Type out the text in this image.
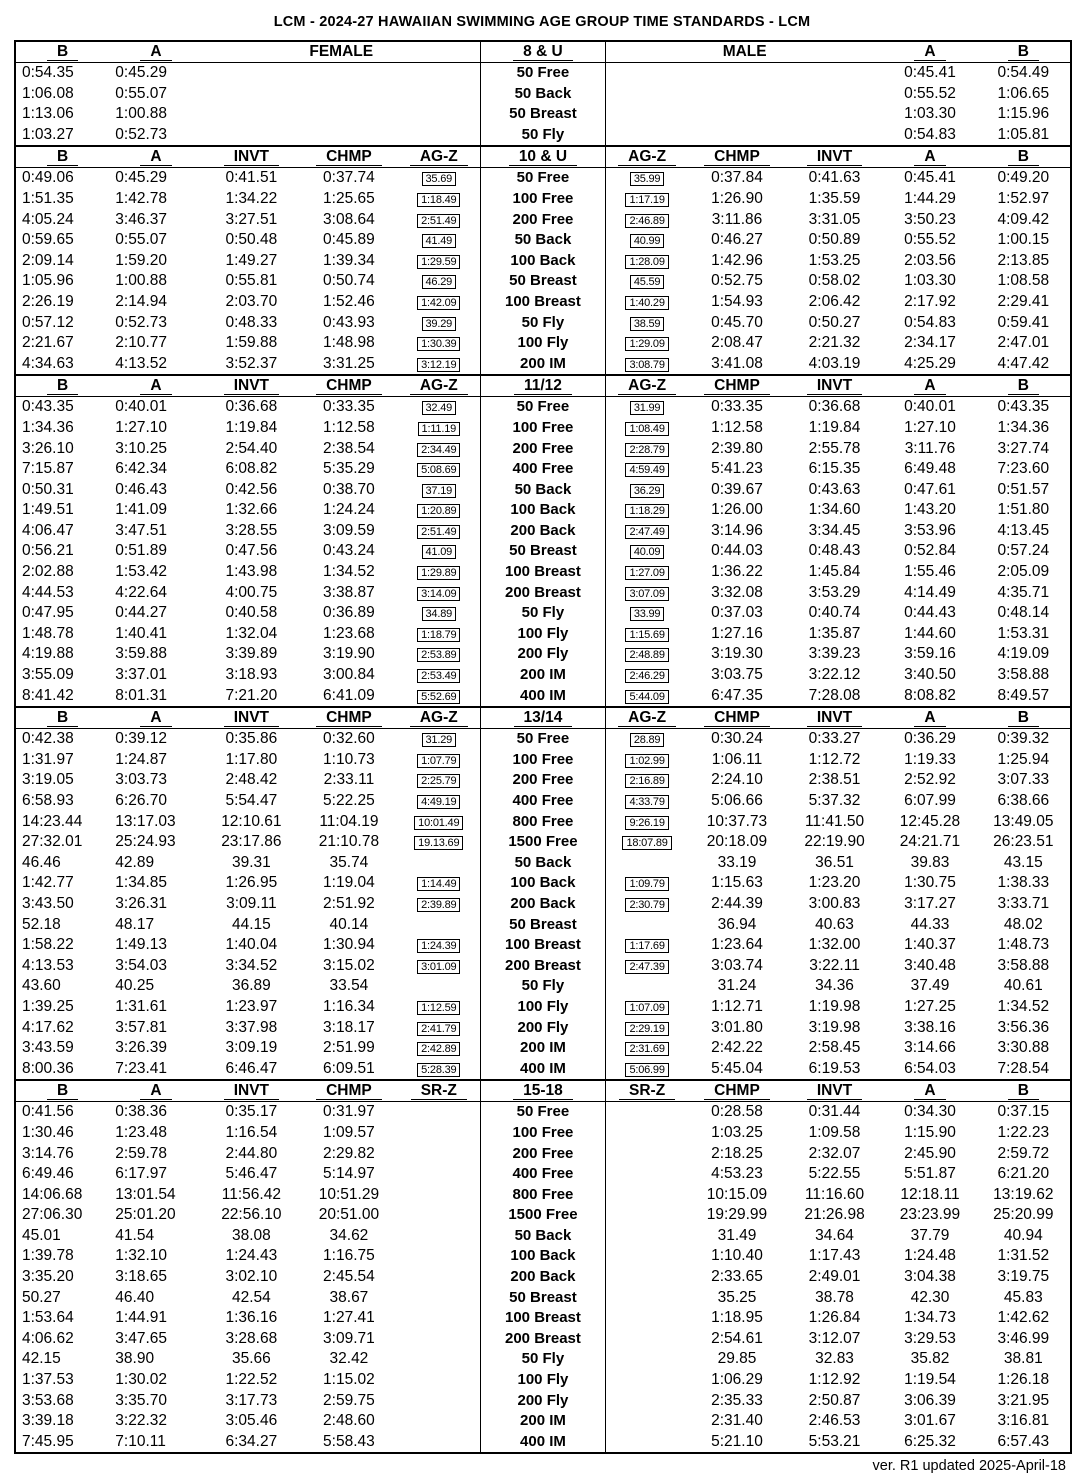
LCM - 2024-27 HAWAIIAN SWIMMING AGE GROUP TIME STANDARDS - LCM
B	A	FEMALE			8 & U	MALE			A	B
0:54.35	0:45.29				50 Free				0:45.41	0:54.49
1:06.08	0:55.07				50 Back				0:55.52	1:06.65
1:13.06	1:00.88				50 Breast				1:03.30	1:15.96
1:03.27	0:52.73				50 Fly				0:54.83	1:05.81
B	A	INVT	CHMP	AG-Z	10 & U	AG-Z	CHMP	INVT	A	B
0:49.06	0:45.29	0:41.51	0:37.74	35.69	50 Free	35.99	0:37.84	0:41.63	0:45.41	0:49.20
1:51.35	1:42.78	1:34.22	1:25.65	1:18.49	100 Free	1:17.19	1:26.90	1:35.59	1:44.29	1:52.97
4:05.24	3:46.37	3:27.51	3:08.64	2:51.49	200 Free	2:46.89	3:11.86	3:31.05	3:50.23	4:09.42
0:59.65	0:55.07	0:50.48	0:45.89	41.49	50 Back	40.99	0:46.27	0:50.89	0:55.52	1:00.15
2:09.14	1:59.20	1:49.27	1:39.34	1:29.59	100 Back	1:28.09	1:42.96	1:53.25	2:03.56	2:13.85
1:05.96	1:00.88	0:55.81	0:50.74	46.29	50 Breast	45.59	0:52.75	0:58.02	1:03.30	1:08.58
2:26.19	2:14.94	2:03.70	1:52.46	1:42.09	100 Breast	1:40.29	1:54.93	2:06.42	2:17.92	2:29.41
0:57.12	0:52.73	0:48.33	0:43.93	39.29	50 Fly	38.59	0:45.70	0:50.27	0:54.83	0:59.41
2:21.67	2:10.77	1:59.88	1:48.98	1:30.39	100 Fly	1:29.09	2:08.47	2:21.32	2:34.17	2:47.01
4:34.63	4:13.52	3:52.37	3:31.25	3:12.19	200 IM	3:08.79	3:41.08	4:03.19	4:25.29	4:47.42
B	A	INVT	CHMP	AG-Z	11/12	AG-Z	CHMP	INVT	A	B
0:43.35	0:40.01	0:36.68	0:33.35	32.49	50 Free	31.99	0:33.35	0:36.68	0:40.01	0:43.35
1:34.36	1:27.10	1:19.84	1:12.58	1:11.19	100 Free	1:08.49	1:12.58	1:19.84	1:27.10	1:34.36
3:26.10	3:10.25	2:54.40	2:38.54	2:34.49	200 Free	2:28.79	2:39.80	2:55.78	3:11.76	3:27.74
7:15.87	6:42.34	6:08.82	5:35.29	5:08.69	400 Free	4:59.49	5:41.23	6:15.35	6:49.48	7:23.60
0:50.31	0:46.43	0:42.56	0:38.70	37.19	50 Back	36.29	0:39.67	0:43.63	0:47.61	0:51.57
1:49.51	1:41.09	1:32.66	1:24.24	1:20.89	100 Back	1:18.29	1:26.00	1:34.60	1:43.20	1:51.80
4:06.47	3:47.51	3:28.55	3:09.59	2:51.49	200 Back	2:47.49	3:14.96	3:34.45	3:53.96	4:13.45
0:56.21	0:51.89	0:47.56	0:43.24	41.09	50 Breast	40.09	0:44.03	0:48.43	0:52.84	0:57.24
2:02.88	1:53.42	1:43.98	1:34.52	1:29.89	100 Breast	1:27.09	1:36.22	1:45.84	1:55.46	2:05.09
4:44.53	4:22.64	4:00.75	3:38.87	3:14.09	200 Breast	3:07.09	3:32.08	3:53.29	4:14.49	4:35.71
0:47.95	0:44.27	0:40.58	0:36.89	34.89	50 Fly	33.99	0:37.03	0:40.74	0:44.43	0:48.14
1:48.78	1:40.41	1:32.04	1:23.68	1:18.79	100 Fly	1:15.69	1:27.16	1:35.87	1:44.60	1:53.31
4:19.88	3:59.88	3:39.89	3:19.90	2:53.89	200 Fly	2:48.89	3:19.30	3:39.23	3:59.16	4:19.09
3:55.09	3:37.01	3:18.93	3:00.84	2:53.49	200 IM	2:46.29	3:03.75	3:22.12	3:40.50	3:58.88
8:41.42	8:01.31	7:21.20	6:41.09	5:52.69	400 IM	5:44.09	6:47.35	7:28.08	8:08.82	8:49.57
B	A	INVT	CHMP	AG-Z	13/14	AG-Z	CHMP	INVT	A	B
0:42.38	0:39.12	0:35.86	0:32.60	31.29	50 Free	28.89	0:30.24	0:33.27	0:36.29	0:39.32
1:31.97	1:24.87	1:17.80	1:10.73	1:07.79	100 Free	1:02.99	1:06.11	1:12.72	1:19.33	1:25.94
3:19.05	3:03.73	2:48.42	2:33.11	2:25.79	200 Free	2:16.89	2:24.10	2:38.51	2:52.92	3:07.33
6:58.93	6:26.70	5:54.47	5:22.25	4:49.19	400 Free	4:33.79	5:06.66	5:37.32	6:07.99	6:38.66
14:23.44	13:17.03	12:10.61	11:04.19	10:01.49	800 Free	9:26.19	10:37.73	11:41.50	12:45.28	13:49.05
27:32.01	25:24.93	23:17.86	21:10.78	19.13.69	1500 Free	18:07.89	20:18.09	22:19.90	24:21.71	26:23.51
46.46	42.89	39.31	35.74		50 Back		33.19	36.51	39.83	43.15
1:42.77	1:34.85	1:26.95	1:19.04	1:14.49	100 Back	1:09.79	1:15.63	1:23.20	1:30.75	1:38.33
3:43.50	3:26.31	3:09.11	2:51.92	2:39.89	200 Back	2:30.79	2:44.39	3:00.83	3:17.27	3:33.71
52.18	48.17	44.15	40.14		50 Breast		36.94	40.63	44.33	48.02
1:58.22	1:49.13	1:40.04	1:30.94	1:24.39	100 Breast	1:17.69	1:23.64	1:32.00	1:40.37	1:48.73
4:13.53	3:54.03	3:34.52	3:15.02	3:01.09	200 Breast	2:47.39	3:03.74	3:22.11	3:40.48	3:58.88
43.60	40.25	36.89	33.54		50 Fly		31.24	34.36	37.49	40.61
1:39.25	1:31.61	1:23.97	1:16.34	1:12.59	100 Fly	1:07.09	1:12.71	1:19.98	1:27.25	1:34.52
4:17.62	3:57.81	3:37.98	3:18.17	2:41.79	200 Fly	2:29.19	3:01.80	3:19.98	3:38.16	3:56.36
3:43.59	3:26.39	3:09.19	2:51.99	2:42.89	200 IM	2:31.69	2:42.22	2:58.45	3:14.66	3:30.88
8:00.36	7:23.41	6:46.47	6:09.51	5:28.39	400 IM	5:06.99	5:45.04	6:19.53	6:54.03	7:28.54
B	A	INVT	CHMP	SR-Z	15-18	SR-Z	CHMP	INVT	A	B
0:41.56	0:38.36	0:35.17	0:31.97		50 Free		0:28.58	0:31.44	0:34.30	0:37.15
1:30.46	1:23.48	1:16.54	1:09.57		100 Free		1:03.25	1:09.58	1:15.90	1:22.23
3:14.76	2:59.78	2:44.80	2:29.82		200 Free		2:18.25	2:32.07	2:45.90	2:59.72
6:49.46	6:17.97	5:46.47	5:14.97		400 Free		4:53.23	5:22.55	5:51.87	6:21.20
14:06.68	13:01.54	11:56.42	10:51.29		800 Free		10:15.09	11:16.60	12:18.11	13:19.62
27:06.30	25:01.20	22:56.10	20:51.00		1500 Free		19:29.99	21:26.98	23:23.99	25:20.99
45.01	41.54	38.08	34.62		50 Back		31.49	34.64	37.79	40.94
1:39.78	1:32.10	1:24.43	1:16.75		100 Back		1:10.40	1:17.43	1:24.48	1:31.52
3:35.20	3:18.65	3:02.10	2:45.54		200 Back		2:33.65	2:49.01	3:04.38	3:19.75
50.27	46.40	42.54	38.67		50 Breast		35.25	38.78	42.30	45.83
1:53.64	1:44.91	1:36.16	1:27.41		100 Breast		1:18.95	1:26.84	1:34.73	1:42.62
4:06.62	3:47.65	3:28.68	3:09.71		200 Breast		2:54.61	3:12.07	3:29.53	3:46.99
42.15	38.90	35.66	32.42		50 Fly		29.85	32.83	35.82	38.81
1:37.53	1:30.02	1:22.52	1:15.02		100 Fly		1:06.29	1:12.92	1:19.54	1:26.18
3:53.68	3:35.70	3:17.73	2:59.75		200 Fly		2:35.33	2:50.87	3:06.39	3:21.95
3:39.18	3:22.32	3:05.46	2:48.60		200 IM		2:31.40	2:46.53	3:01.67	3:16.81
7:45.95	7:10.11	6:34.27	5:58.43		400 IM		5:21.10	5:53.21	6:25.32	6:57.43
ver. R1 updated 2025-April-18
